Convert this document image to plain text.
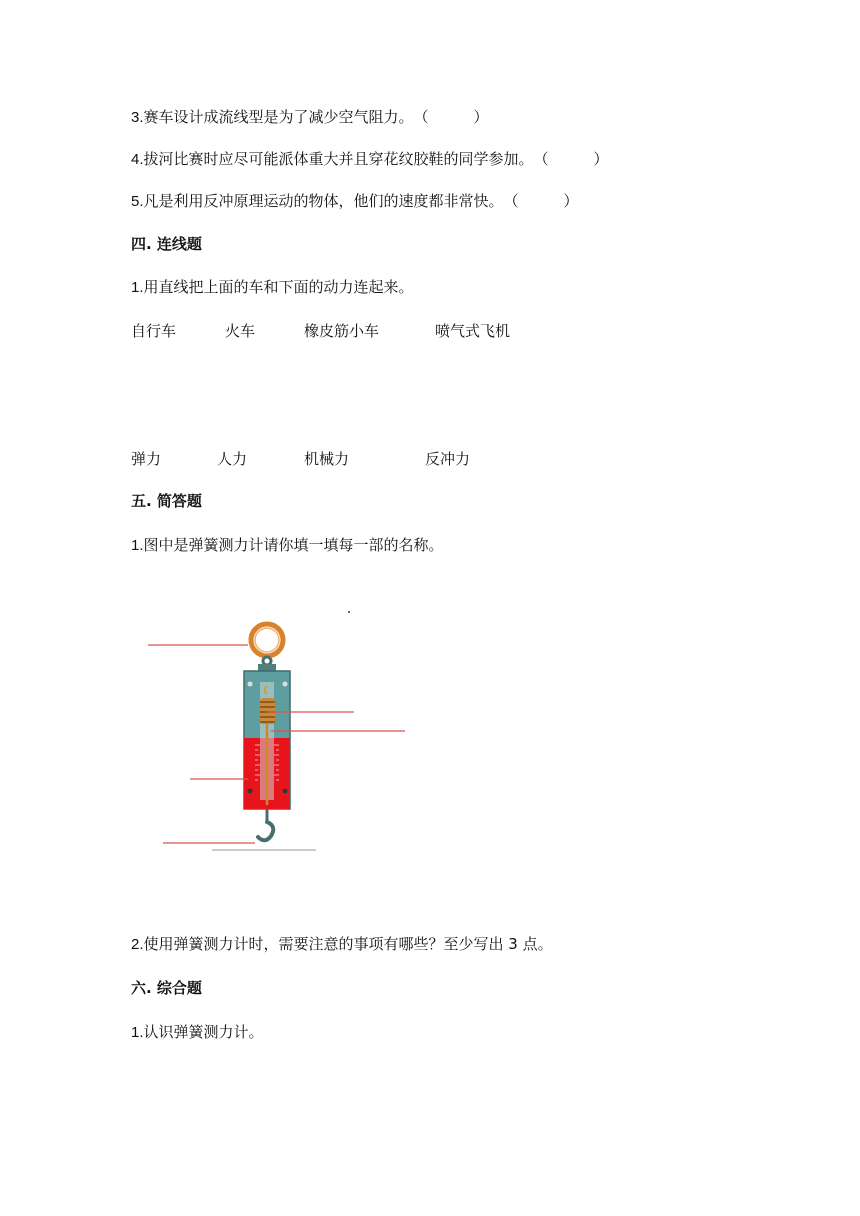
3.赛车设计成流线型是为了减少空气阻力。（　　　）
4.拔河比赛时应尽可能派体重大并且穿花纹胶鞋的同学参加。（　　　）
5.凡是利用反冲原理运动的物体，他们的速度都非常快。（　　　）
四. 连线题
1.用直线把上面的车和下面的动力连起来。
自行车	火车	橡皮筋小车	喷气式飞机
弹力	人力	机械力	反冲力
五. 简答题
1.图中是弹簧测力计请你填一填每一部的名称。
2.使用弹簧测力计时，需要注意的事项有哪些？至少写出 3 点。
六. 综合题
1.认识弹簧测力计。
